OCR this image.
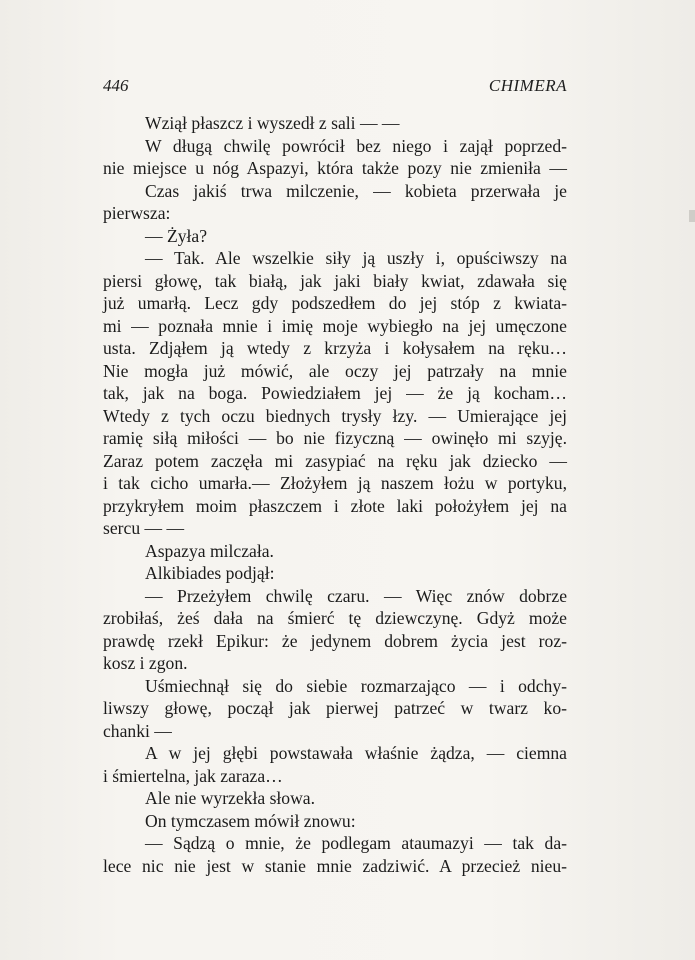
446	CHIMERA
Wziął płaszcz i wyszedł z sali — —
W długą chwilę powrócił bez niego i zajął poprzed-
nie miejsce u nóg Aspazyi, która także pozy nie zmieniła —
Czas jakiś trwa milczenie, — kobieta przerwała je
pierwsza:
— Żyła?
— Tak. Ale wszelkie siły ją uszły i, opuściwszy na
piersi głowę, tak białą, jak jaki biały kwiat, zdawała się
już umarłą. Lecz gdy podszedłem do jej stóp z kwiata-
mi — poznała mnie i imię moje wybiegło na jej umęczone
usta. Zdjąłem ją wtedy z krzyża i kołysałem na ręku…
Nie mogła już mówić, ale oczy jej patrzały na mnie
tak, jak na boga. Powiedziałem jej — że ją kocham…
Wtedy z tych oczu biednych trysły łzy. — Umierające jej
ramię siłą miłości — bo nie fizyczną — owinęło mi szyję.
Zaraz potem zaczęła mi zasypiać na ręku jak dziecko —
i tak cicho umarła.— Złożyłem ją naszem łożu w portyku,
przykryłem moim płaszczem i złote laki położyłem jej na
sercu — —
Aspazya milczała.
Alkibiades podjął:
— Przeżyłem chwilę czaru. — Więc znów dobrze
zrobiłaś, żeś dała na śmierć tę dziewczynę. Gdyż może
prawdę rzekł Epikur: że jedynem dobrem życia jest roz-
kosz i zgon.
Uśmiechnął się do siebie rozmarzająco — i odchy-
liwszy głowę, począł jak pierwej patrzeć w twarz ko-
chanki —
A w jej głębi powstawała właśnie żądza, — ciemna
i śmiertelna, jak zaraza…
Ale nie wyrzekła słowa.
On tymczasem mówił znowu:
— Sądzą o mnie, że podlegam ataumazyi — tak da-
lece nic nie jest w stanie mnie zadziwić. A przecież nieu-
